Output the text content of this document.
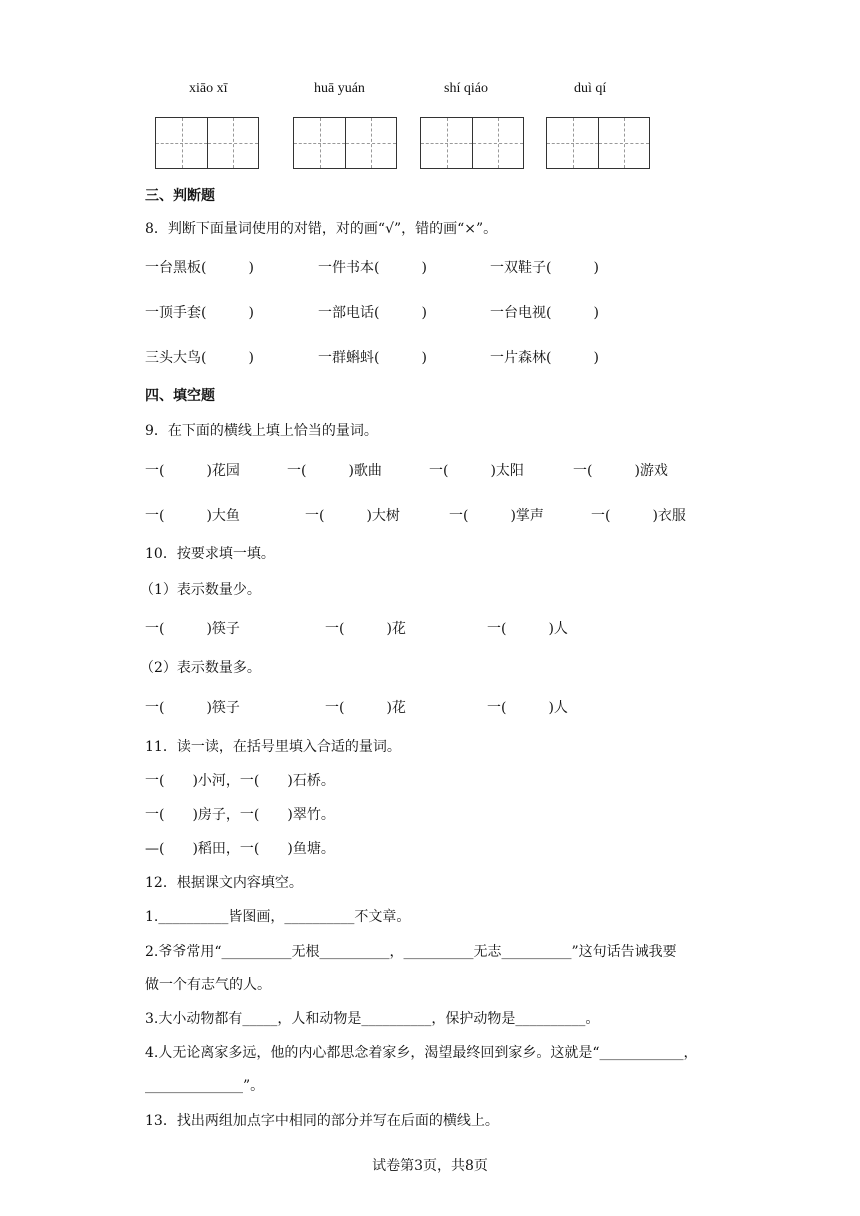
xiāo xī	huā yuán	shí qiáo	duì qí
三、判断题
8．判断下面量词使用的对错，对的画“√”，错的画“×”。
一台黑板(　　　)	一件书本(　　　)	一双鞋子(　　　)
一顶手套(　　　)	一部电话(　　　)	一台电视(　　　)
三头大鸟(　　　)	一群蝌蚪(　　　)	一片森林(　　　)
四、填空题
9．在下面的横线上填上恰当的量词。
一(　　　)花园	一(　　　)歌曲	一(　　　)太阳	一(　　　)游戏
一(　　　)大鱼	一(　　　)大树	一(　　　)掌声	一(　　　)衣服
10．按要求填一填。
（1）表示数量少。
一(　　　)筷子	一(　　　)花	一(　　　)人
（2）表示数量多。
一(　　　)筷子	一(　　　)花	一(　　　)人
11．读一读，在括号里填入合适的量词。
一(　　)小河，一(　　)石桥。
一(　　)房子，一(　　)翠竹。
—(　　)稻田，一(　　)鱼塘。
12．根据课文内容填空。
1.__________皆图画，__________不文章。
2.爷爷常用“__________无根__________，__________无志__________”这句话告诫我要
做一个有志气的人。
3.大小动物都有_____，人和动物是__________，保护动物是__________。
4.人无论离家多远，他的内心都思念着家乡，渴望最终回到家乡。这就是“____________，
______________”。
13．找出两组加点字中相同的部分并写在后面的横线上。
试卷第3页，共8页
